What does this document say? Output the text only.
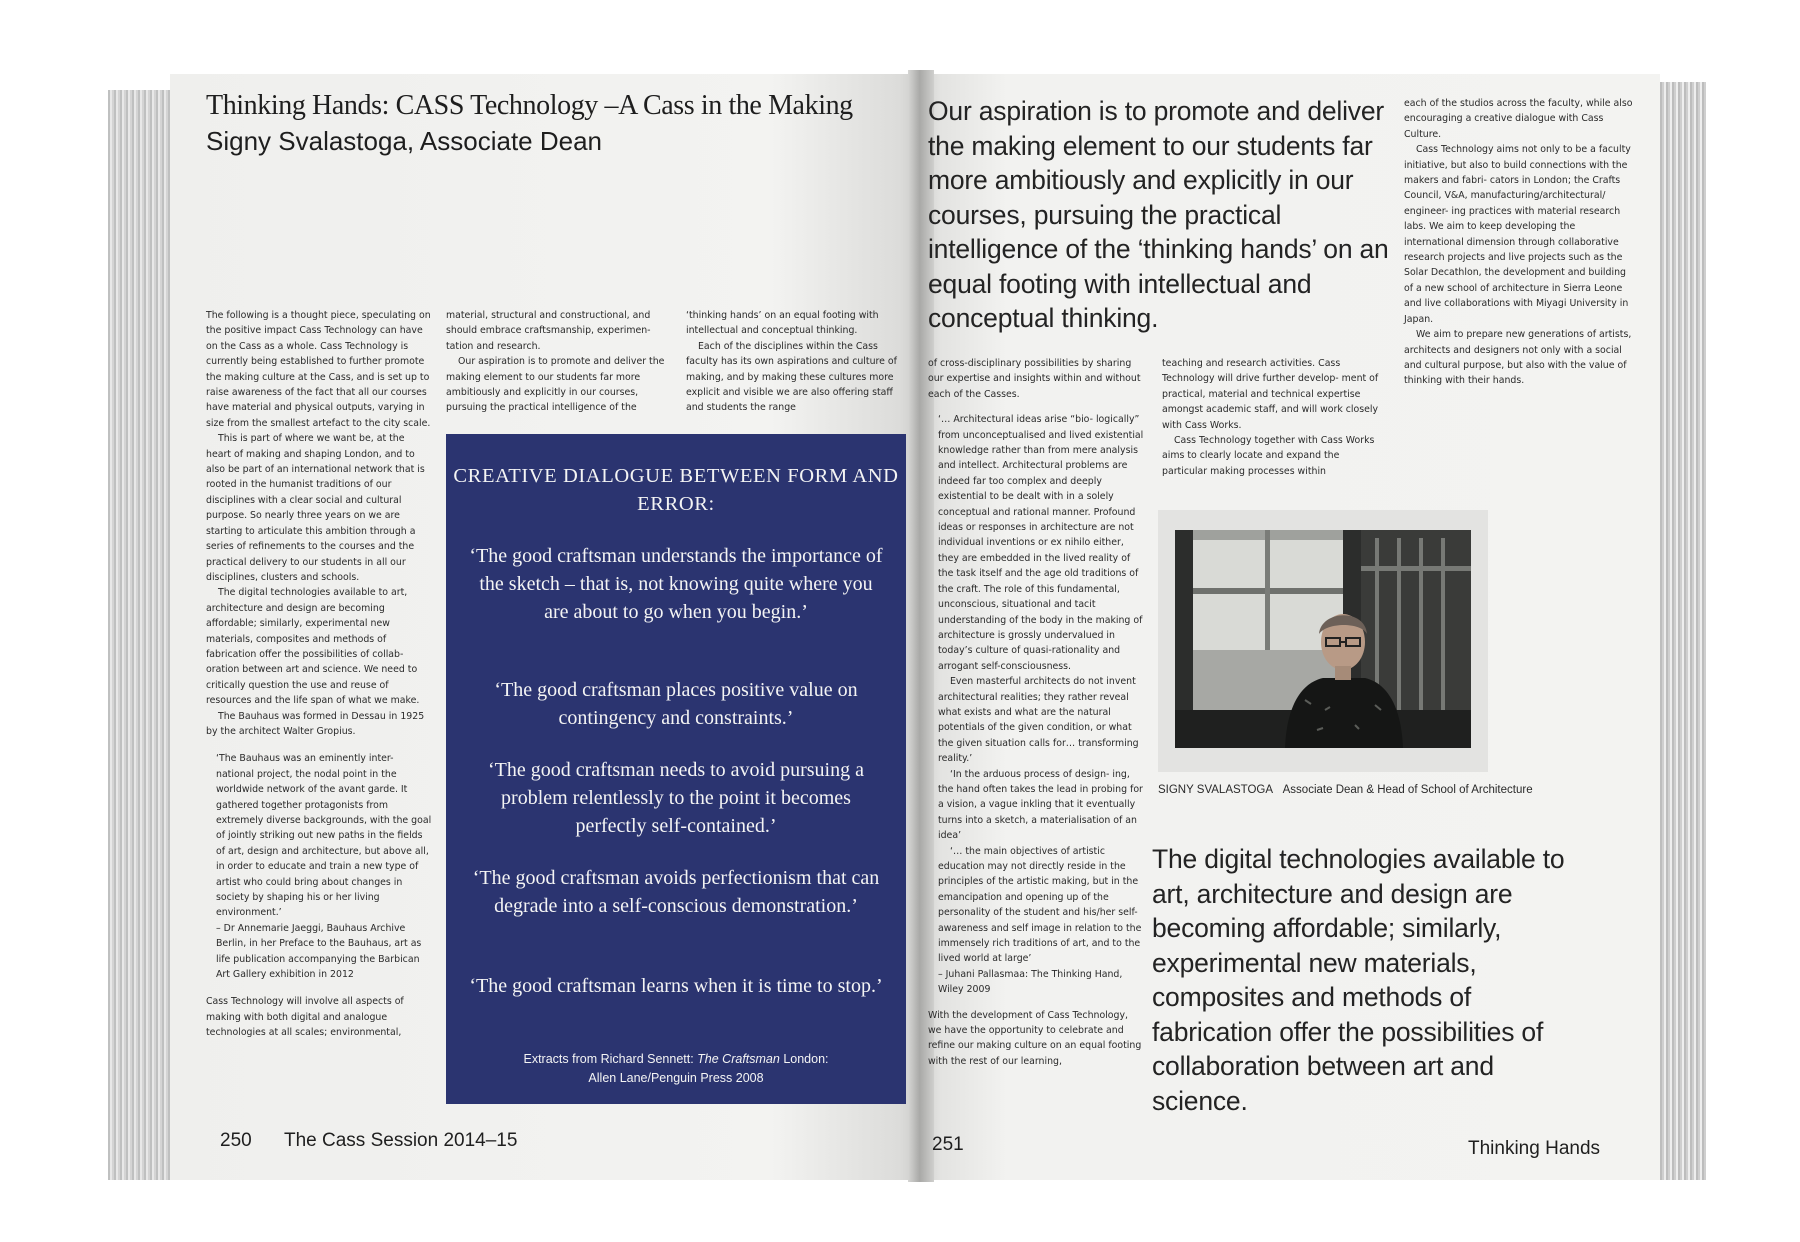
Thinking Hands: CASS Technology –A Cass in the Making
Signy Svalastoga, Associate Dean

The following is a thought piece, speculating on the positive impact Cass Technology can have on the Cass as a whole. Cass Technology is currently being established to further promote the making culture at the Cass, and is set up to raise awareness of the fact that all our courses have material and physical outputs, varying in size from the smallest artefact to the city scale.

This is part of where we want be, at the heart of making and shaping London, and to also be part of an international network that is rooted in the humanist traditions of our disciplines with a clear social and cultural purpose. So nearly three years on we are starting to articulate this ambition through a series of refinements to the courses and the practical delivery to our students in all our disciplines, clusters and schools.

The digital technologies available to art, architecture and design are becoming affordable; similarly, experimental new materials, composites and methods of fabrication offer the possibilities of collab- oration between art and science. We need to critically question the use and reuse of resources and the life span of what we make.

The Bauhaus was formed in Dessau in 1925 by the architect Walter Gropius.

‘The Bauhaus was an eminently inter- national project, the nodal point in the worldwide network of the avant garde. It gathered together protagonists from extremely diverse backgrounds, with the goal of jointly striking out new paths in the fields of art, design and architecture, but above all, in order to educate and train a new type of artist who could bring about changes in society by shaping his or her living environment.’

– Dr Annemarie Jaeggi, Bauhaus Archive Berlin, in her Preface to the Bauhaus, art as life publication accompanying the Barbican Art Gallery exhibition in 2012

Cass Technology will involve all aspects of making with both digital and analogue technologies at all scales; environmental,

material, structural and constructional, and should embrace craftsmanship, experimen- tation and research.

Our aspiration is to promote and deliver the making element to our students far more ambitiously and explicitly in our courses, pursuing the practical intelligence of the

‘thinking hands’ on an equal footing with intellectual and conceptual thinking.

Each of the disciplines within the Cass faculty has its own aspirations and culture of making, and by making these cultures more explicit and visible we are also offering staff and students the range

CREATIVE DIALOGUE BETWEEN FORM AND ERROR:
‘The good craftsman understands the importance of the sketch – that is, not knowing quite where you are about to go when you begin.’
‘The good craftsman places positive value on contingency and constraints.’
‘The good craftsman needs to avoid pursuing a problem relentlessly to the point it becomes perfectly self-contained.’
‘The good craftsman avoids perfectionism that can degrade into a self-conscious demonstration.’
‘The good craftsman learns when it is time to stop.’
Extracts from Richard Sennett: The Craftsman London:
Allen Lane/Penguin Press 2008
250 The Cass Session 2014–15
Our aspiration is to promote and deliver the making element to our students far more ambitiously and explicitly in our courses, pursuing the practical intelligence of the ‘thinking hands’ on an equal footing with intellectual and conceptual thinking.

of cross-disciplinary possibilities by sharing our expertise and insights within and without each of the Casses.

‘… Architectural ideas arise “bio- logically” from unconceptualised and lived existential knowledge rather than from mere analysis and intellect. Architectural problems are indeed far too complex and deeply existential to be dealt with in a solely conceptual and rational manner. Profound ideas or responses in architecture are not individual inventions or ex nihilo either, they are embedded in the lived reality of the task itself and the age old traditions of the craft. The role of this fundamental, unconscious, situational and tacit understanding of the body in the making of architecture is grossly undervalued in today’s culture of quasi-rationality and arrogant self-consciousness.

Even masterful architects do not invent architectural realities; they rather reveal what exists and what are the natural potentials of the given condition, or what the given situation calls for… transforming reality.’

‘In the arduous process of design- ing, the hand often takes the lead in probing for a vision, a vague inkling that it eventually turns into a sketch, a materialisation of an idea’

‘… the main objectives of artistic education may not directly reside in the principles of the artistic making, but in the emancipation and opening up of the personality of the student and his/her self-awareness and self image in relation to the immensely rich traditions of art, and to the lived world at large’

– Juhani Pallasmaa: The Thinking Hand, Wiley 2009

With the development of Cass Technology, we have the opportunity to celebrate and refine our making culture on an equal footing with the rest of our learning,

teaching and research activities. Cass Technology will drive further develop- ment of practical, material and technical expertise amongst academic staff, and will work closely with Cass Works.

Cass Technology together with Cass Works aims to clearly locate and expand the particular making processes within

each of the studios across the faculty, while also encouraging a creative dialogue with Cass Culture.

Cass Technology aims not only to be a faculty initiative, but also to build connections with the makers and fabri- cators in London; the Crafts Council, V&A, manufacturing/architectural/ engineer- ing practices with material research labs. We aim to keep developing the international dimension through collaborative research projects and live projects such as the Solar Decathlon, the development and building of a new school of architecture in Sierra Leone and live collaborations with Miyagi University in Japan.

We aim to prepare new generations of artists, architects and designers not only with a social and cultural purpose, but also with the value of thinking with their hands.

SIGNY SVALASTOGA Associate Dean & Head of School of Architecture
The digital technologies available to art, architecture and design are becoming affordable; similarly, experimental new materials, composites and methods of fabrication offer the possibilities of collaboration between art and science.
251	Thinking Hands
